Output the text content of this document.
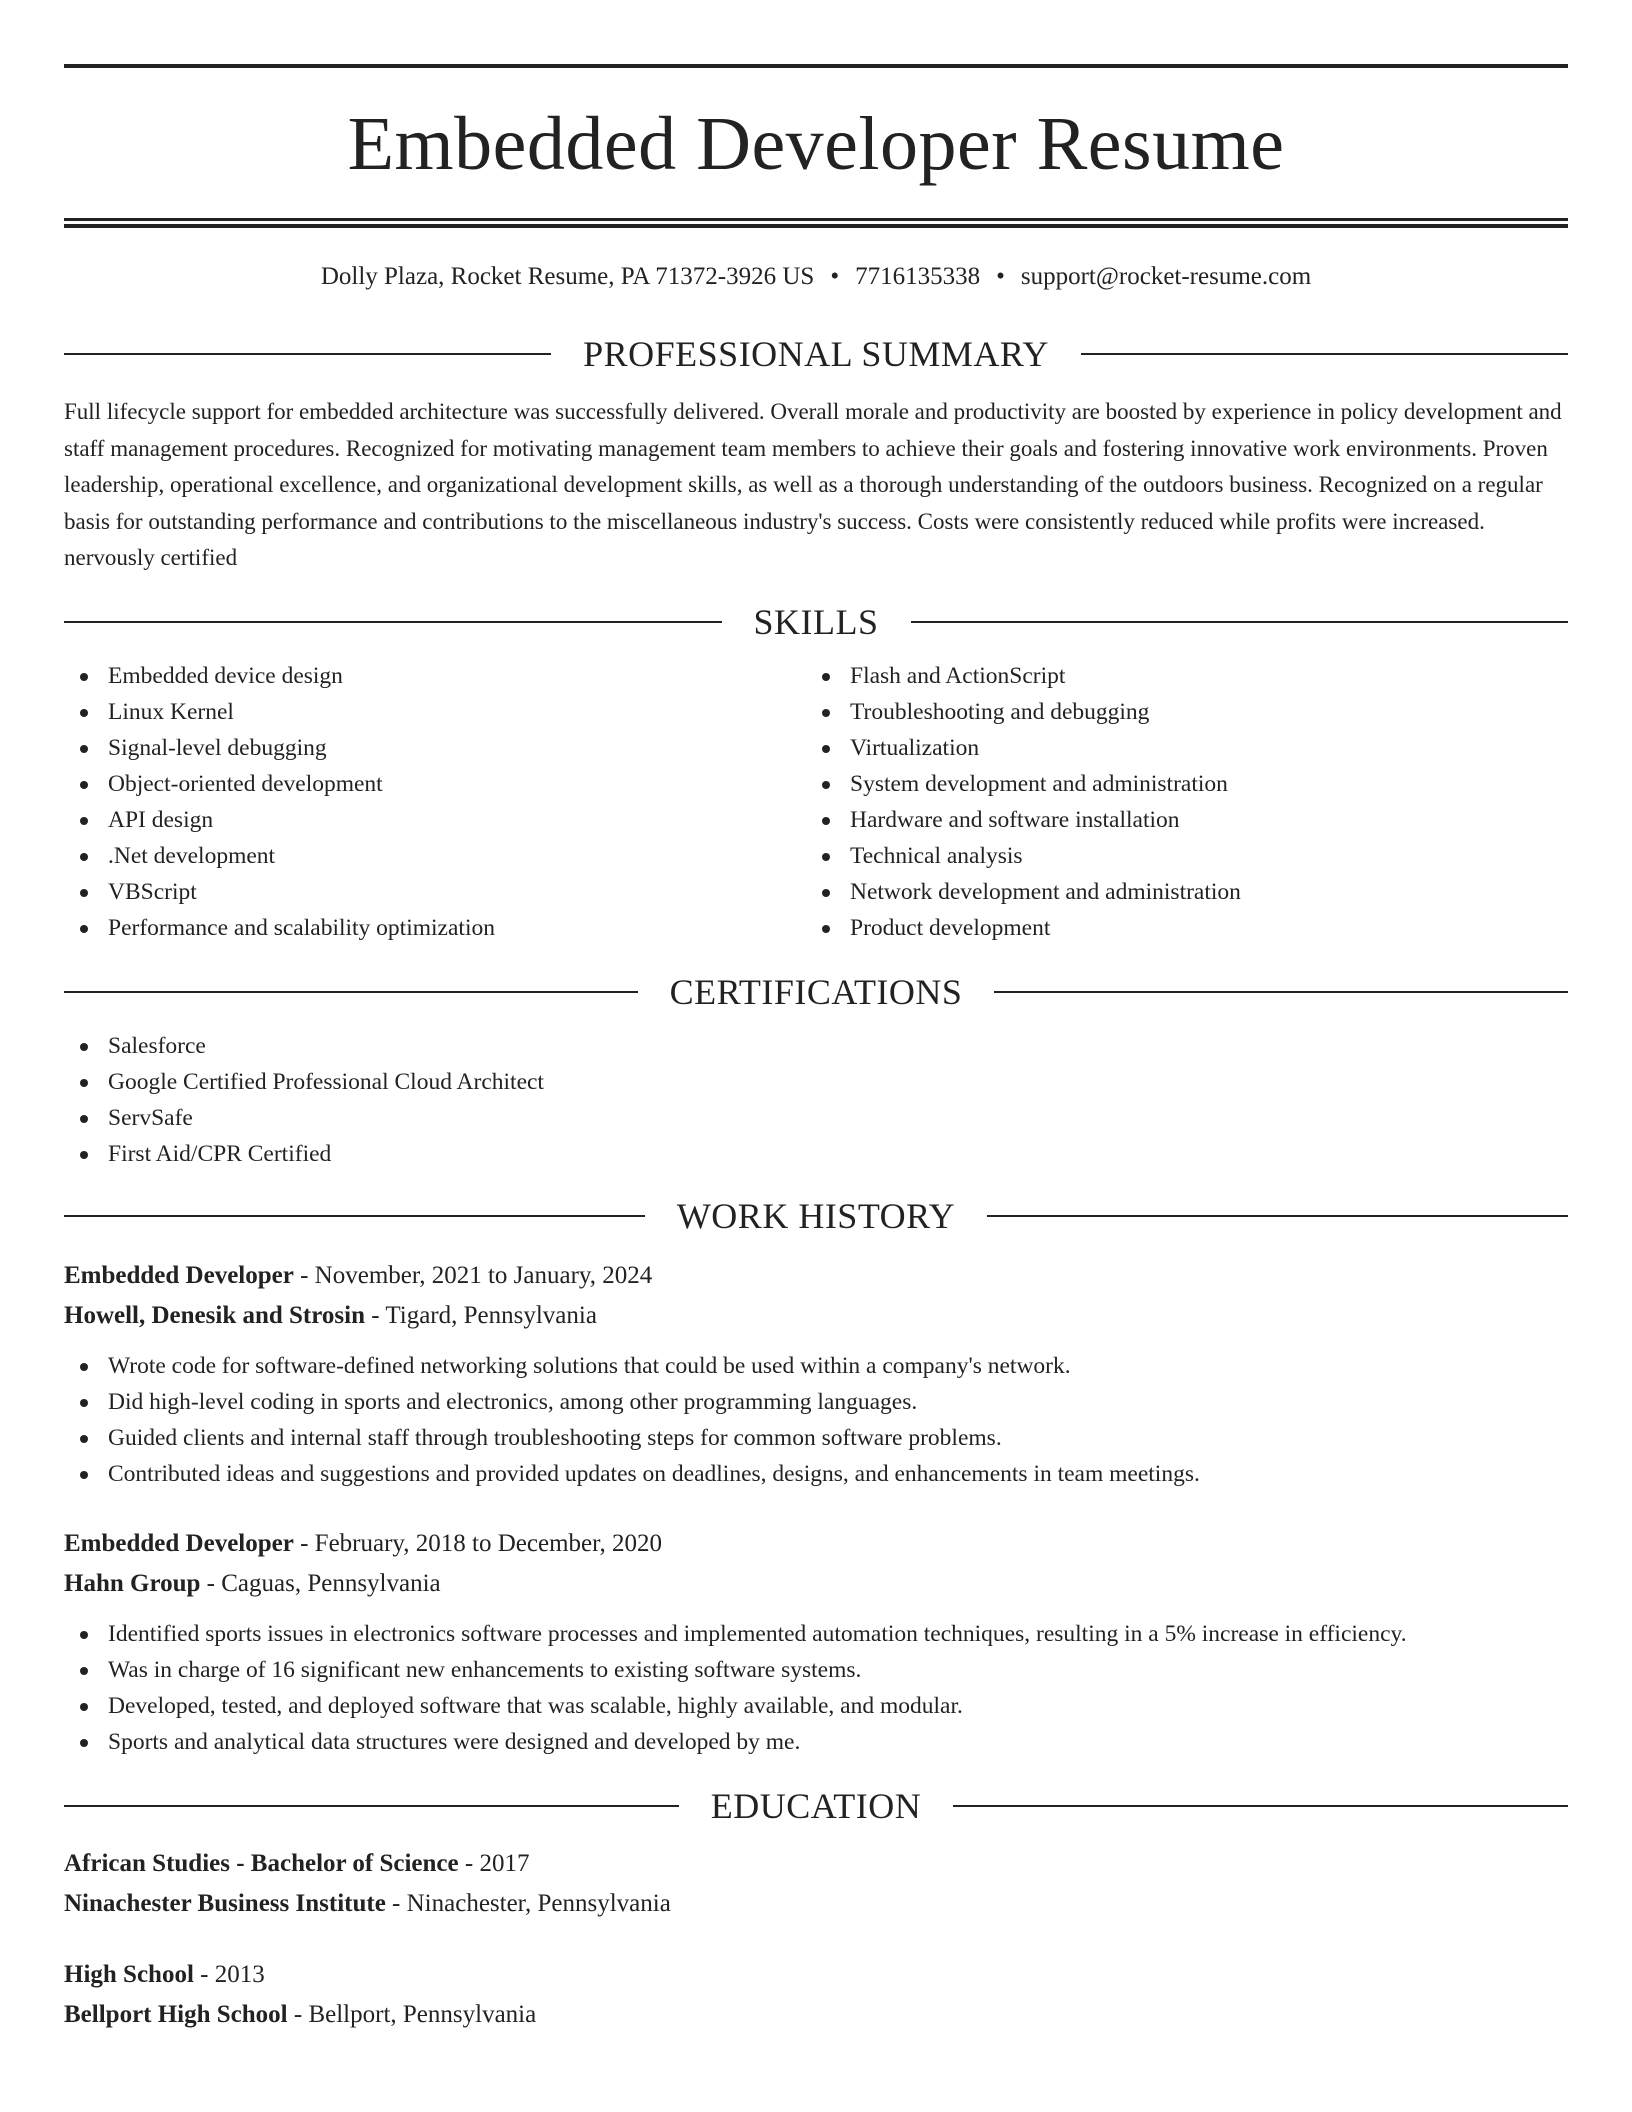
Embedded Developer Resume
Dolly Plaza, Rocket Resume, PA 71372-3926 US • 7716135338 • support@rocket-resume.com
PROFESSIONAL SUMMARY
Full lifecycle support for embedded architecture was successfully delivered. Overall morale and productivity are boosted by experience in policy development and staff management procedures. Recognized for motivating management team members to achieve their goals and fostering innovative work environments. Proven leadership, operational excellence, and organizational development skills, as well as a thorough understanding of the outdoors business. Recognized on a regular basis for outstanding performance and contributions to the miscellaneous industry's success. Costs were consistently reduced while profits were increased. nervously certified
SKILLS
Embedded device design
Linux Kernel
Signal-level debugging
Object-oriented development
API design
.Net development
VBScript
Performance and scalability optimization
Flash and ActionScript
Troubleshooting and debugging
Virtualization
System development and administration
Hardware and software installation
Technical analysis
Network development and administration
Product development
CERTIFICATIONS
Salesforce
Google Certified Professional Cloud Architect
ServSafe
First Aid/CPR Certified
WORK HISTORY
Embedded Developer - November, 2021 to January, 2024
Howell, Denesik and Strosin - Tigard, Pennsylvania
Wrote code for software-defined networking solutions that could be used within a company's network.
Did high-level coding in sports and electronics, among other programming languages.
Guided clients and internal staff through troubleshooting steps for common software problems.
Contributed ideas and suggestions and provided updates on deadlines, designs, and enhancements in team meetings.
Embedded Developer - February, 2018 to December, 2020
Hahn Group - Caguas, Pennsylvania
Identified sports issues in electronics software processes and implemented automation techniques, resulting in a 5% increase in efficiency.
Was in charge of 16 significant new enhancements to existing software systems.
Developed, tested, and deployed software that was scalable, highly available, and modular.
Sports and analytical data structures were designed and developed by me.
EDUCATION
African Studies - Bachelor of Science - 2017
Ninachester Business Institute - Ninachester, Pennsylvania
High School - 2013
Bellport High School - Bellport, Pennsylvania
